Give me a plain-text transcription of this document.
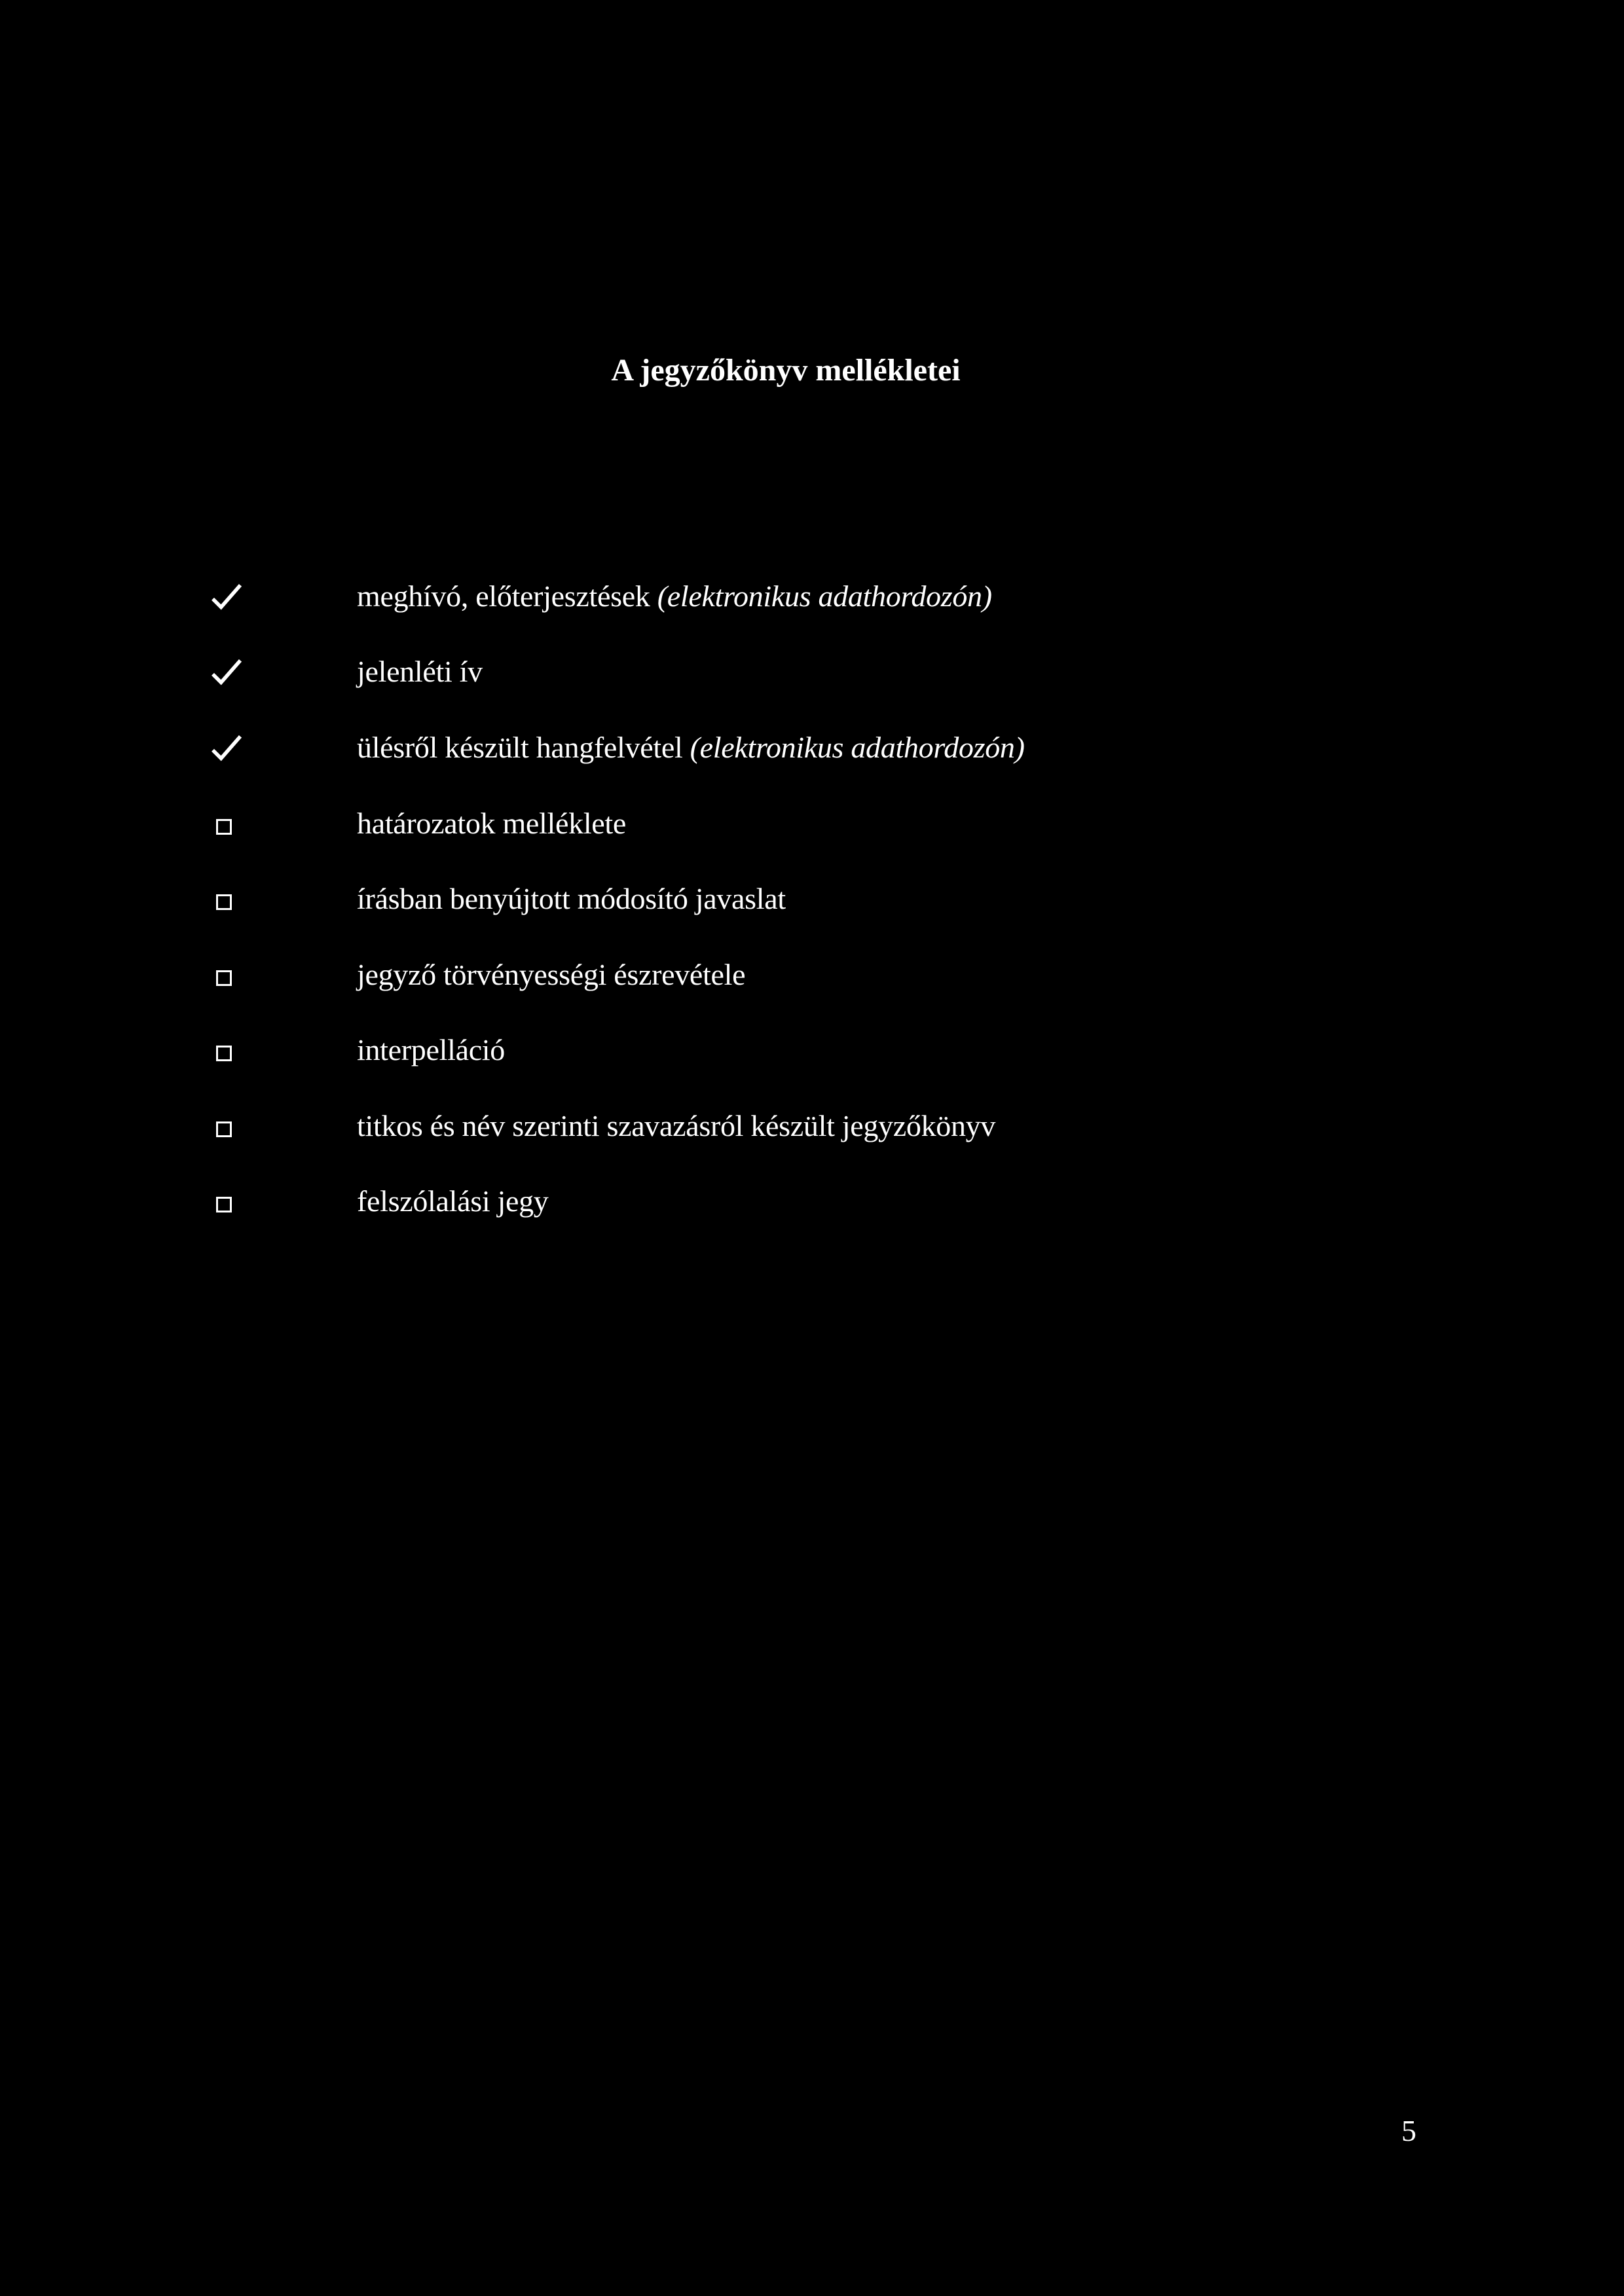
A jegyzőkönyv mellékletei
meghívó, előterjesztések (elektronikus adathordozón)
jelenléti ív
ülésről készült hangfelvétel (elektronikus adathordozón)
határozatok melléklete
írásban benyújtott módosító javaslat
jegyző törvényességi észrevétele
interpelláció
titkos és név szerinti szavazásról készült jegyzőkönyv
felszólalási jegy
5
